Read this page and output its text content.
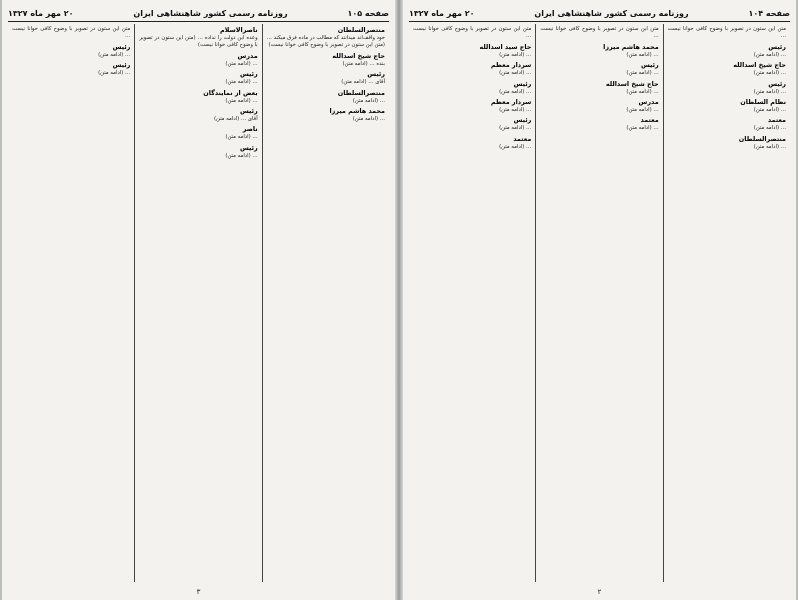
صفحه ۱۰۵
روزنامه رسمی کشور شاهنشاهی ایران
۲۰ مهر ماه ۱۳۲۷
منتصرالسلطان

خود واقف‌اند میدانند که مطالب در ماده فرق میکند … (متن این ستون در تصویر با وضوح کافی خوانا نیست)

حاج شیخ اسدالله

بنده … (ادامه متن)

رئیس

آقای … (ادامه متن)

منتصرالسلطان

… (ادامه متن)

محمد هاشم میرزا

… (ادامه متن)

ناصرالاسلام

وعده این دولت را نداده … (متن این ستون در تصویر با وضوح کافی خوانا نیست)

مدرس

… (ادامه متن)

رئیس

… (ادامه متن)

بعض از نمایندگان

… (ادامه متن)

رئیس

آقای … (ادامه متن)

ناصر

… (ادامه متن)

رئیس

… (ادامه متن)

متن این ستون در تصویر با وضوح کافی خوانا نیست …

رئیس

… (ادامه متن)

رئیس

… (ادامه متن)

۳
صفحه ۱۰۴
روزنامه رسمی کشور شاهنشاهی ایران
۲۰ مهر ماه ۱۳۲۷

متن این ستون در تصویر با وضوح کافی خوانا نیست …

رئیس

… (ادامه متن)

حاج شیخ اسدالله

… (ادامه متن)

رئیس

… (ادامه متن)

نظام السلطان

… (ادامه متن)

معتمد

… (ادامه متن)

منتصرالسلطان

… (ادامه متن)

متن این ستون در تصویر با وضوح کافی خوانا نیست …

محمد هاشم میرزا

… (ادامه متن)

رئیس

… (ادامه متن)

حاج شیخ اسدالله

… (ادامه متن)

مدرس

… (ادامه متن)

معتمد

… (ادامه متن)

متن این ستون در تصویر با وضوح کافی خوانا نیست …

حاج سید اسدالله

… (ادامه متن)

سردار معظم

… (ادامه متن)

رئیس

… (ادامه متن)

سردار معظم

… (ادامه متن)

رئیس

… (ادامه متن)

معتمد

… (ادامه متن)

۲
